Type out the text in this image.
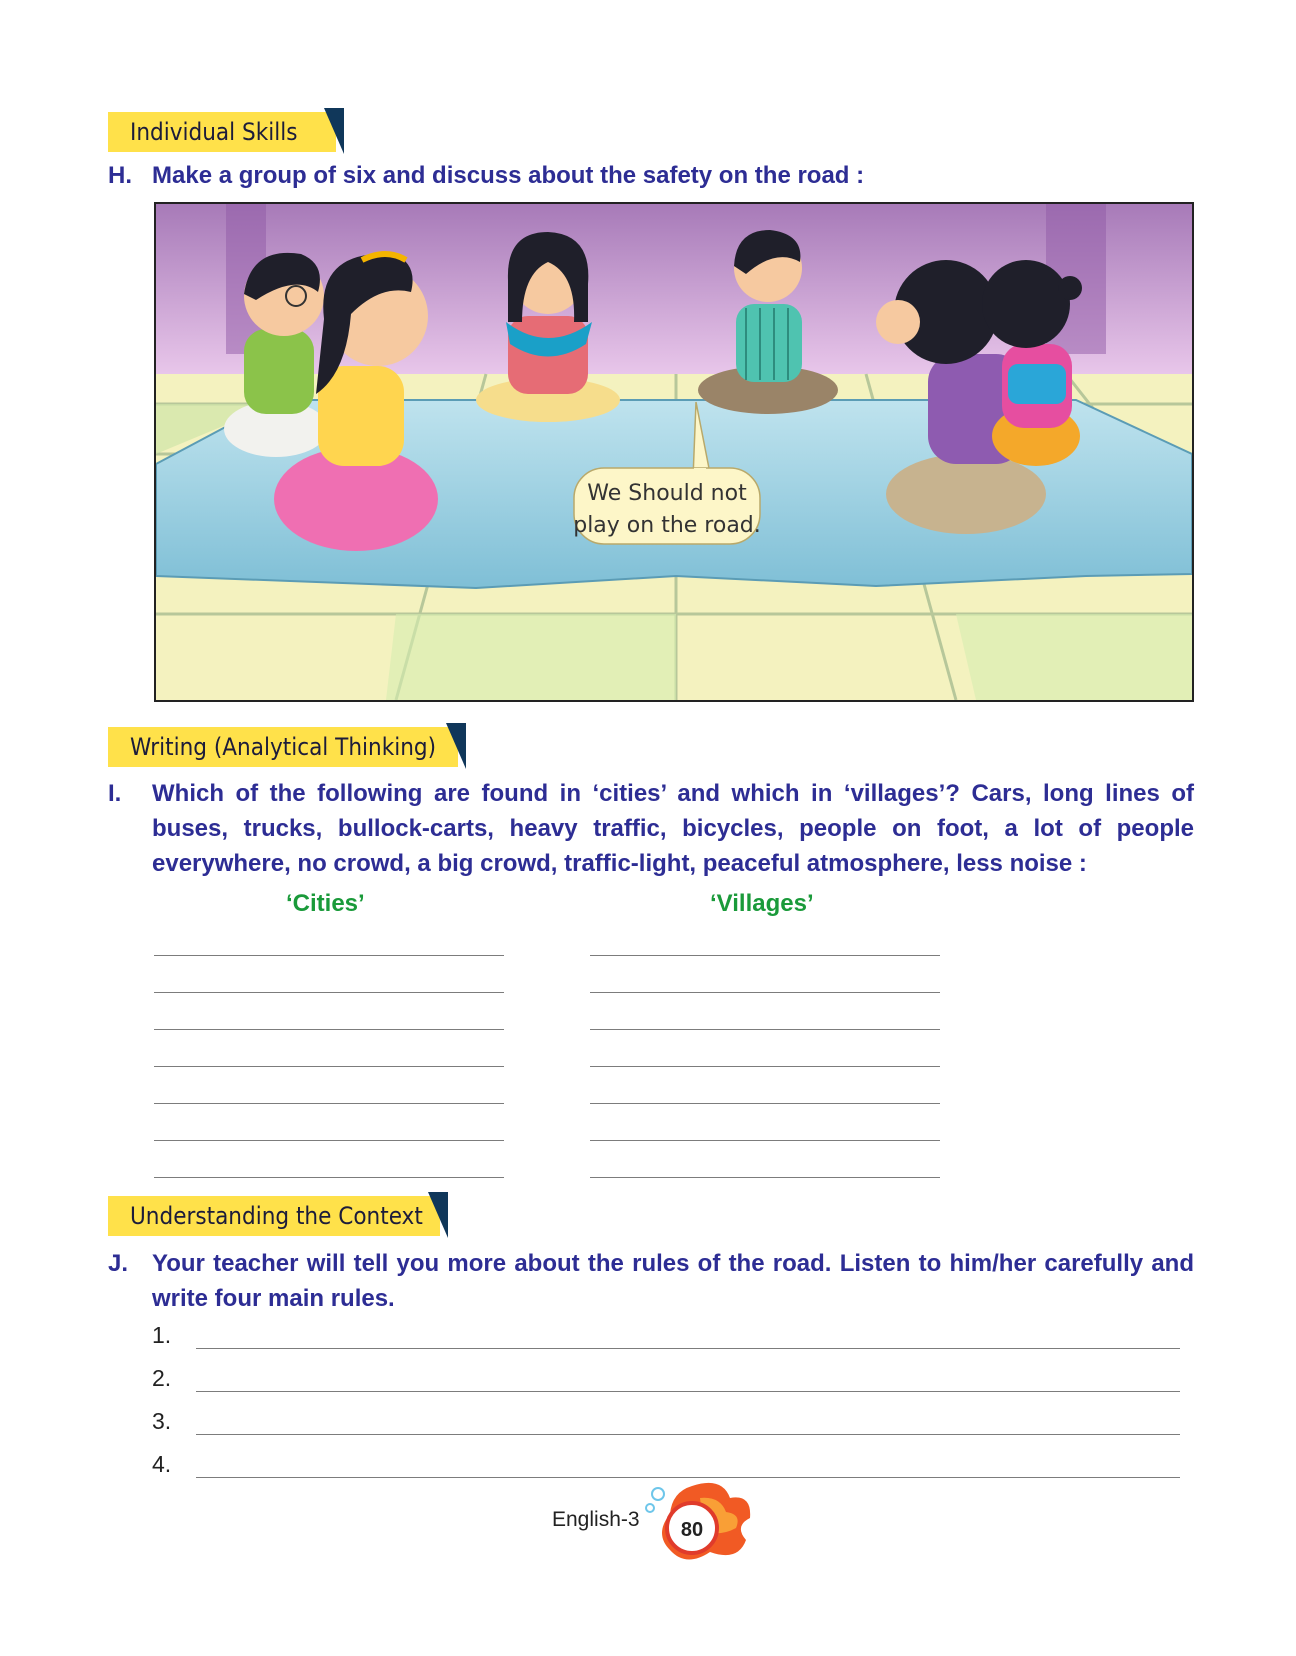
Individual Skills
H. Make a group of six and discuss about the safety on the road :
We Should not
play on the road.
Writing (Analytical Thinking)
I. Which of the following are found in ‘cities’ and which in ‘villages’? Cars, long lines of buses, trucks, bullock-carts, heavy traffic, bicycles, people on foot, a lot of people everywhere, no crowd, a big crowd, traffic-light, peaceful atmosphere, less noise :
‘Cities’	‘Villages’
Understanding the Context
J. Your teacher will tell you more about the rules of the road. Listen to him/her carefully and write four main rules.
1.
2.
3.
4.
English-3 80
